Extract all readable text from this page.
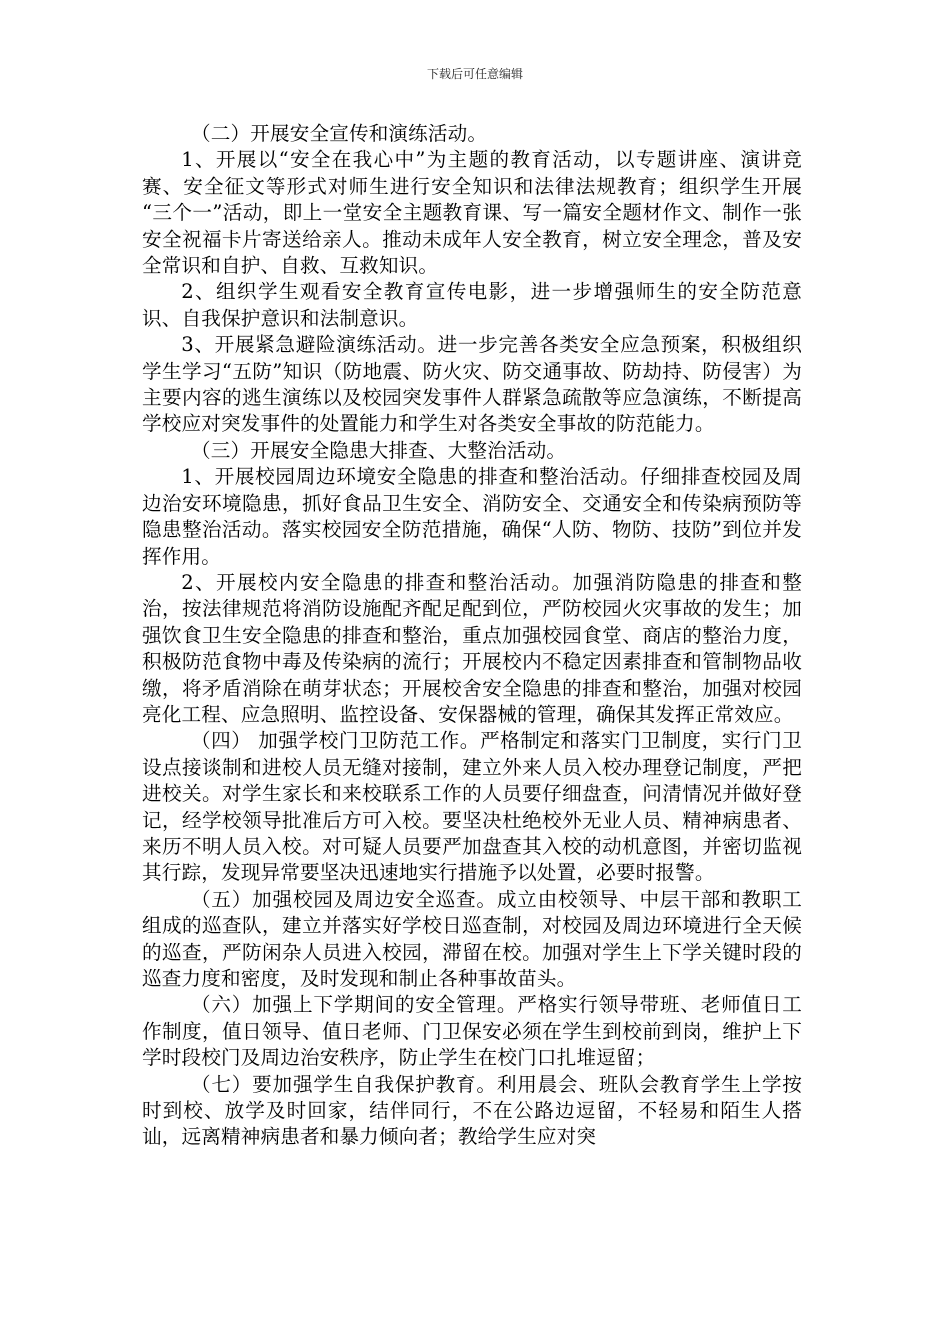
下载后可任意编辑

（二）开展安全宣传和演练活动。

1、开展以“安全在我心中”为主题的教育活动，以专题讲座、演讲竞赛、安全征文等形式对师生进行安全知识和法律法规教育；组织学生开展 “三个一”活动，即上一堂安全主题教育课、写一篇安全题材作文、制作一张安全祝福卡片寄送给亲人。推动未成年人安全教育，树立安全理念，普及安全常识和自护、自救、互救知识。

2、组织学生观看安全教育宣传电影，进一步增强师生的安全防范意识、自我保护意识和法制意识。

3、开展紧急避险演练活动。进一步完善各类安全应急预案，积极组织学生学习“五防”知识（防地震、防火灾、防交通事故、防劫持、防侵害）为主要内容的逃生演练以及校园突发事件人群紧急疏散等应急演练，不断提高学校应对突发事件的处置能力和学生对各类安全事故的防范能力。

（三）开展安全隐患大排查、大整治活动。

1、开展校园周边环境安全隐患的排查和整治活动。仔细排查校园及周边治安环境隐患，抓好食品卫生安全、消防安全、交通安全和传染病预防等隐患整治活动。落实校园安全防范措施，确保“人防、物防、技防”到位并发挥作用。

2、开展校内安全隐患的排查和整治活动。加强消防隐患的排查和整治，按法律规范将消防设施配齐配足配到位，严防校园火灾事故的发生；加强饮食卫生安全隐患的排查和整治，重点加强校园食堂、商店的整治力度，积极防范食物中毒及传染病的流行；开展校内不稳定因素排查和管制物品收缴，将矛盾消除在萌芽状态；开展校舍安全隐患的排查和整治，加强对校园亮化工程、应急照明、监控设备、安保器械的管理，确保其发挥正常效应。

（四） 加强学校门卫防范工作。严格制定和落实门卫制度，实行门卫设点接谈制和进校人员无缝对接制，建立外来人员入校办理登记制度，严把进校关。对学生家长和来校联系工作的人员要仔细盘查，问清情况并做好登记，经学校领导批准后方可入校。要坚决杜绝校外无业人员、精神病患者、来历不明人员入校。对可疑人员要严加盘查其入校的动机意图，并密切监视其行踪，发现异常要坚决迅速地实行措施予以处置，必要时报警。

（五）加强校园及周边安全巡查。成立由校领导、中层干部和教职工组成的巡查队，建立并落实好学校日巡查制，对校园及周边环境进行全天候的巡查，严防闲杂人员进入校园，滞留在校。加强对学生上下学关键时段的巡查力度和密度，及时发现和制止各种事故苗头。

（六）加强上下学期间的安全管理。严格实行领导带班、老师值日工作制度，值日领导、值日老师、门卫保安必须在学生到校前到岗，维护上下学时段校门及周边治安秩序，防止学生在校门口扎堆逗留；

（七）要加强学生自我保护教育。利用晨会、班队会教育学生上学按时到校、放学及时回家，结伴同行，不在公路边逗留，不轻易和陌生人搭讪，远离精神病患者和暴力倾向者；教给学生应对突
